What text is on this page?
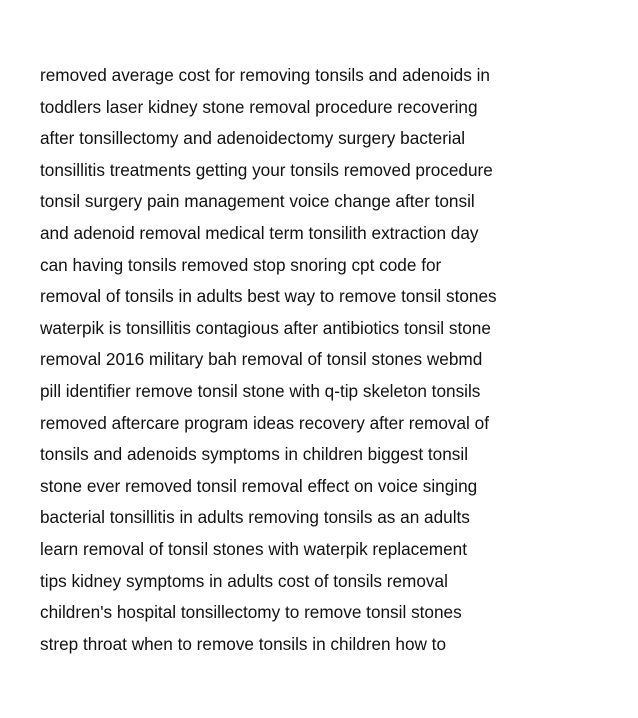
removed average cost for removing tonsils and adenoids in
toddlers laser kidney stone removal procedure recovering
after tonsillectomy and adenoidectomy surgery bacterial
tonsillitis treatments getting your tonsils removed procedure
tonsil surgery pain management voice change after tonsil
and adenoid removal medical term tonsilith extraction day
can having tonsils removed stop snoring cpt code for
removal of tonsils in adults best way to remove tonsil stones
waterpik is tonsillitis contagious after antibiotics tonsil stone
removal 2016 military bah removal of tonsil stones webmd
pill identifier remove tonsil stone with q-tip skeleton tonsils
removed aftercare program ideas recovery after removal of
tonsils and adenoids symptoms in children biggest tonsil
stone ever removed tonsil removal effect on voice singing
bacterial tonsillitis in adults removing tonsils as an adults
learn removal of tonsil stones with waterpik replacement
tips kidney symptoms in adults cost of tonsils removal
children's hospital tonsillectomy to remove tonsil stones
strep throat when to remove tonsils in children how to
